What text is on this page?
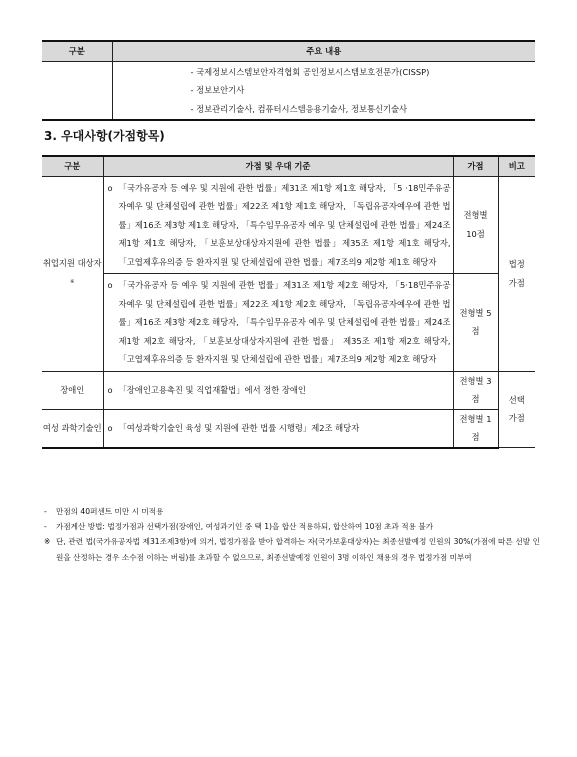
구분	주요 내용

	- 국제정보시스템보안자격협회 공인정보시스템보호전문가(CISSP)
- 정보보안기사
- 정보관리기술사, 컴퓨터시스템응용기술사, 정보통신기술사
3. 우대사항(가점항목)
구분	가점 및 우대 기준	가점	비고
취업지원 대상자※	o 「국가유공자 등 예우 및 지원에 관한 법률」제31조 제1항 제1호 해당자, 「5 ·18민주유공자예우 및 단체설립에 관한 법률」제22조 제1항 제1호 해당자, 「독립유공자예우에 관한 법률」제16조 제3항 제1호 해당자, 「특수임무유공자 예우 및 단체설립에 관한 법률」제24조 제1항 제1호 해당자, 「보훈보상대상자지원에 관한 법률」제35조 제1항 제1호 해당자, 「고엽제후유의증 등 환자지원 및 단체설립에 관한 법률」제7조의9 제2항 제1호 해당자	전형별 10점	법정 가점

	o 「국가유공자 등 예우 및 지원에 관한 법률」제31조 제1항 제2호 해당자, 「5·18민주유공자예우 및 단체설립에 관한 법률」제22조 제1항 제2호 해당자, 「독립유공자예우에 관한 법률」제16조 제3항 제2호 해당자, 「특수임무유공자 예우 및 단체설립에 관한 법률」제24조 제1항 제2호 해당자, 「보훈보상대상자지원에 관한 법률」 제35조 제1항 제2호 해당자, 「고엽제후유의증 등 환자지원 및 단체설립에 관한 법률」제7조의9 제2항 제2호 해당자	전형별 5점	
장애인	o 「장애인고용촉진 및 직업재활법」에서 정한 장애인	전형별 3점	선택 가점
여성 과학기술인	o 「여성과학기술인 육성 및 지원에 관한 법률 시행령」제2조 해당자	전형별 1점	
-	만점의 40퍼센트 미만 시 미적용
-	가점계산 방법: 법정가점과 선택가점(장애인, 여성과기인 중 택 1)을 합산 적용하되, 합산하여 10점 초과 적용 불가
※ 단, 관련 법(국가유공자법 제31조제3항)에 의거, 법정가점을 받아 합격하는 자(국가보훈대상자)는 최종선발예정 인원의 30%(가점에 따른 선발 인원을 산정하는 경우 소수점 이하는 버림)를 초과할 수 없으므로, 최종선발예정 인원이 3명 이하인 채용의 경우 법정가점 미부여
